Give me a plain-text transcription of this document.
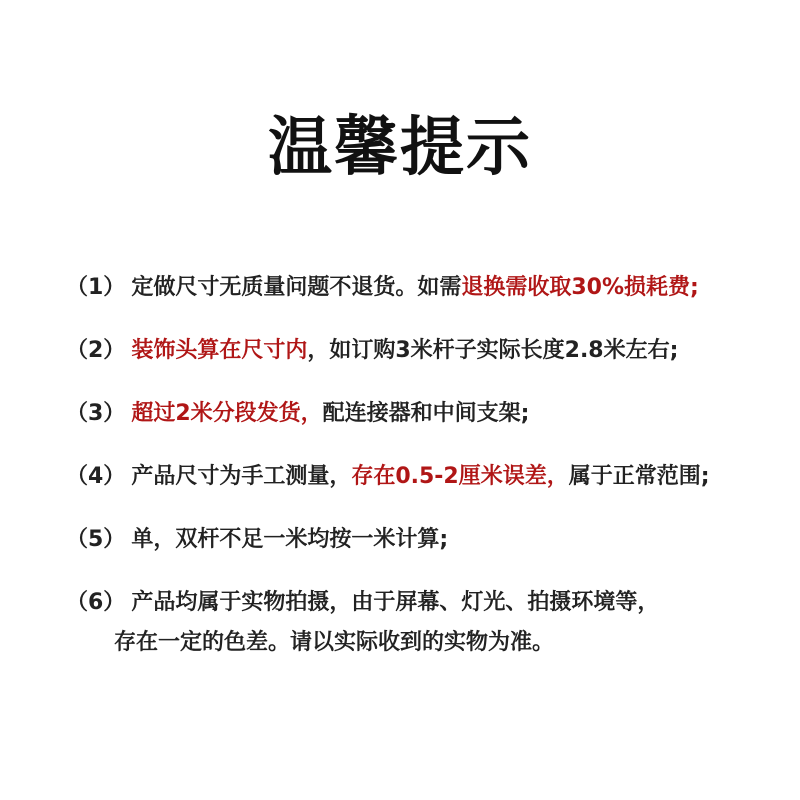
温馨提示
（1） 定做尺寸无质量问题不退货。如需退换需收取30%损耗费;
（2） 装饰头算在尺寸内，如订购3米杆子实际长度2.8米左右;
（3） 超过2米分段发货，配连接器和中间支架;
（4） 产品尺寸为手工测量，存在0.5-2厘米误差，属于正常范围;
（5） 单，双杆不足一米均按一米计算;
（6） 产品均属于实物拍摄，由于屏幕、灯光、拍摄环境等，
存在一定的色差。请以实际收到的实物为准。
